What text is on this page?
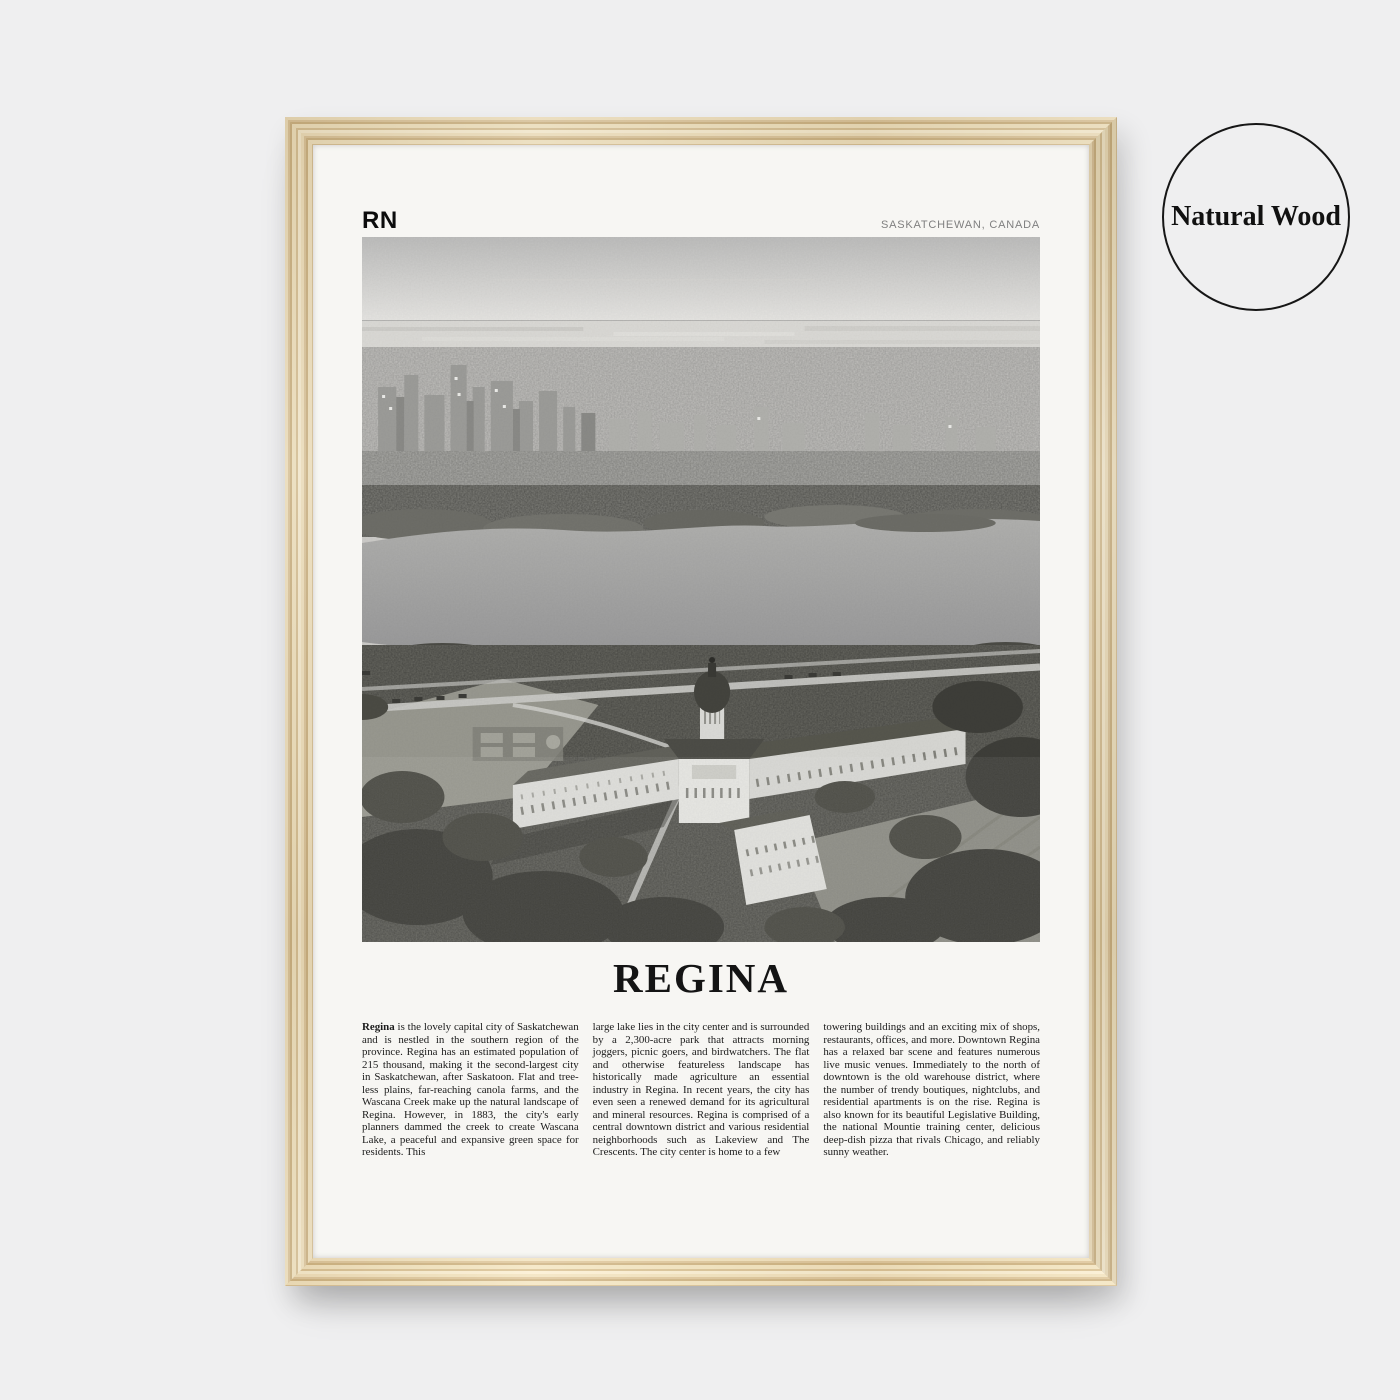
Natural Wood
RN	SASKATCHEWAN, CANADA
REGINA

Regina is the lovely capital city of Saskatchewan and is nestled in the southern region of the province. Regina has an estimated population of 215 thousand, making it the second-largest city in Saskatchewan, after Saskatoon. Flat and tree-less plains, far-reaching canola farms, and the Wascana Creek make up the natural landscape of Regina. However, in 1883, the city's early planners dammed the creek to create Wascana Lake, a peaceful and expansive green space for residents. This

large lake lies in the city center and is surrounded by a 2,300-acre park that attracts morning joggers, picnic goers, and birdwatchers. The flat and otherwise featureless landscape has historically made agriculture an essential industry in Regina. In recent years, the city has even seen a renewed demand for its agricultural and mineral resources. Regina is comprised of a central downtown district and various residential neighborhoods such as Lakeview and The Crescents. The city center is home to a few

towering buildings and an exciting mix of shops, restaurants, offices, and more. Downtown Regina has a relaxed bar scene and features numerous live music venues. Immediately to the north of downtown is the old warehouse district, where the number of trendy boutiques, nightclubs, and residential apartments is on the rise. Regina is also known for its beautiful Legislative Building, the national Mountie training center, delicious deep-dish pizza that rivals Chicago, and reliably sunny weather.
